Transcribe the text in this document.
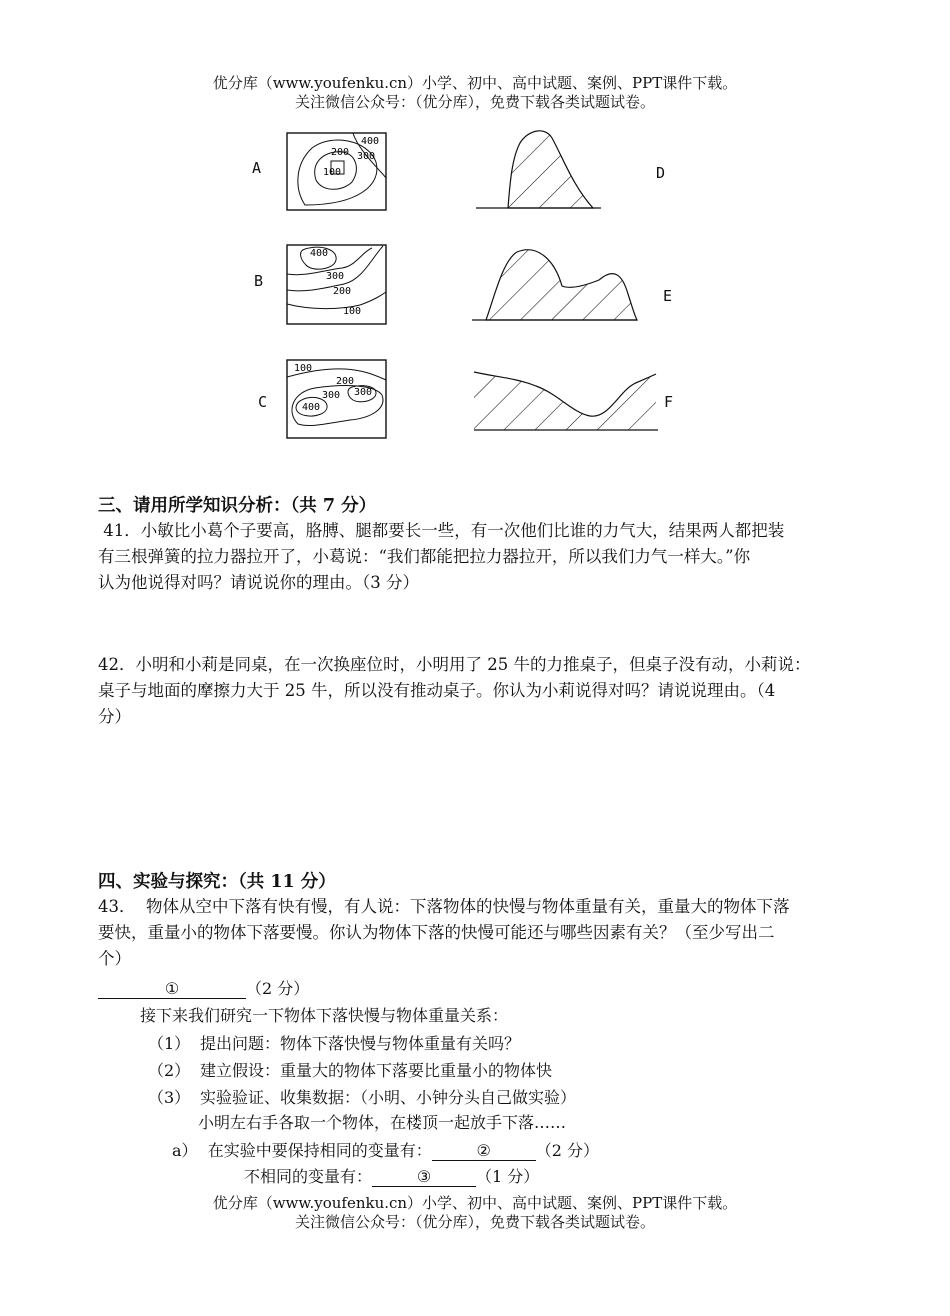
优分库（www.youfenku.cn）小学、初中、高中试题、案例、PPT课件下载。
关注微信公众号：（优分库），免费下载各类试题试卷。
A
B
C
D
E
F
400
300
200
100
400
300
200
100
100
200
300 300
400
三、请用所学知识分析：（共 7 分）
41．小敏比小葛个子要高，胳膊、腿都要长一些，有一次他们比谁的力气大，结果两人都把装
有三根弹簧的拉力器拉开了，小葛说：“我们都能把拉力器拉开，所以我们力气一样大。”你
认为他说得对吗？请说说你的理由。（3 分）
42．小明和小莉是同桌，在一次换座位时，小明用了 25 牛的力推桌子，但桌子没有动，小莉说：
桌子与地面的摩擦力大于 25 牛，所以没有推动桌子。你认为小莉说得对吗？请说说理由。（4
分）
四、实验与探究：（共 11 分）
43．  物体从空中下落有快有慢，有人说：下落物体的快慢与物体重量有关，重量大的物体下落
要快，重量小的物体下落要慢。你认为物体下落的快慢可能还与哪些因素有关？（至少写出二
个）
①	（2 分）
接下来我们研究一下物体下落快慢与物体重量关系：
（1） 提出问题：物体下落快慢与物体重量有关吗？
（2） 建立假设：重量大的物体下落要比重量小的物体快
（3） 实验验证、收集数据：（小明、小钟分头自己做实验）
小明左右手各取一个物体，在楼顶一起放手下落……
a）  在实验中要保持相同的变量有：	②	（2 分）
不相同的变量有：	③	（1 分）
优分库（www.youfenku.cn）小学、初中、高中试题、案例、PPT课件下载。
关注微信公众号：（优分库），免费下载各类试题试卷。
